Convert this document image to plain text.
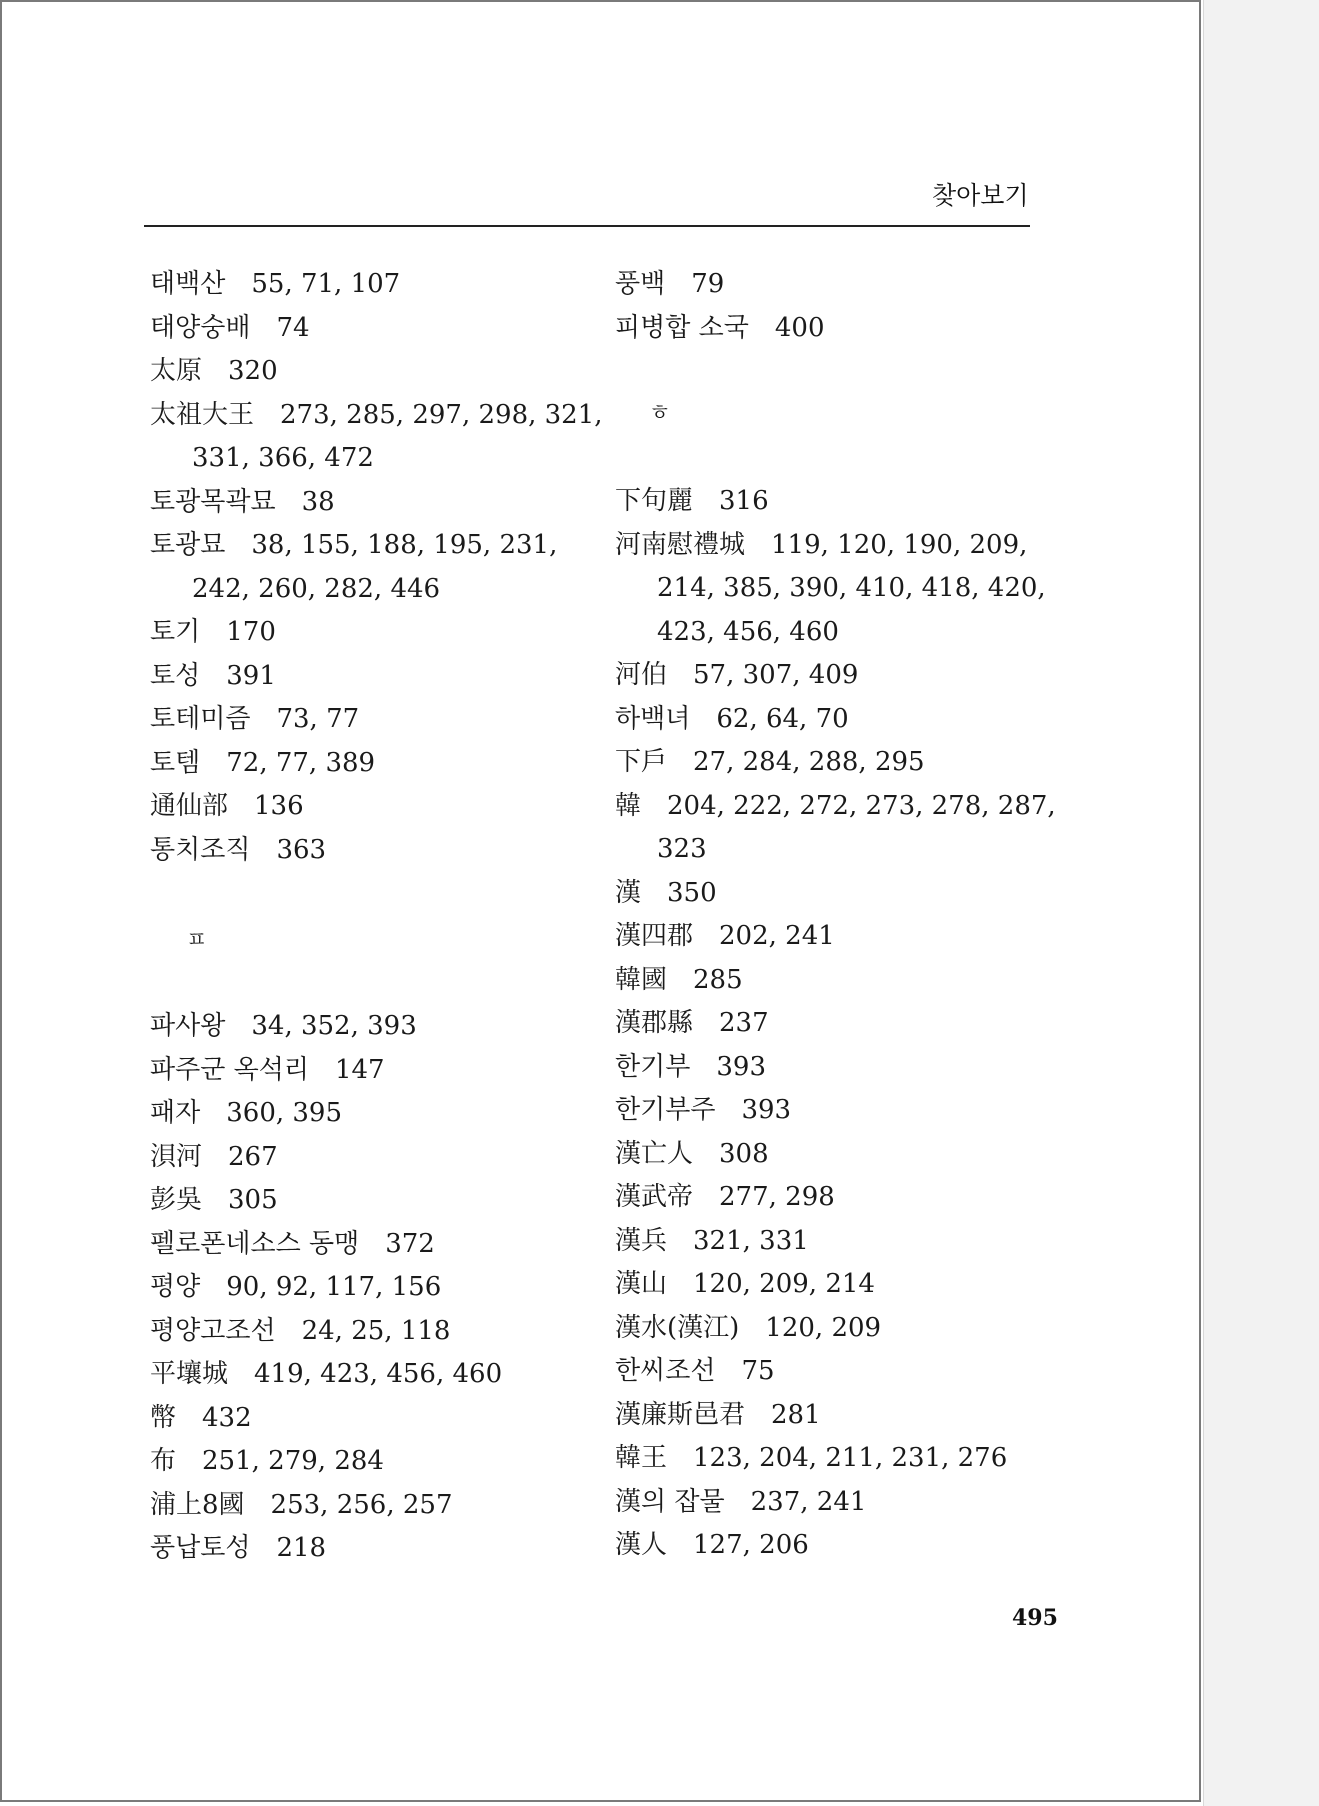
찾아보기
태백산 55, 71, 107
태양숭배 74
太原 320
太祖大王 273, 285, 297, 298, 321,
331, 366, 472
토광목곽묘 38
토광묘 38, 155, 188, 195, 231,
242, 260, 282, 446
토기 170
토성 391
토테미즘 73, 77
토템 72, 77, 389
通仙部 136
통치조직 363
ㅍ
파사왕 34, 352, 393
파주군 옥석리 147
패자 360, 395
浿河 267
彭吳 305
펠로폰네소스 동맹 372
평양 90, 92, 117, 156
평양고조선 24, 25, 118
平壤城 419, 423, 456, 460
幣 432
布 251, 279, 284
浦上8國 253, 256, 257
풍납토성 218
풍백 79
피병합 소국 400
ㅎ
下句麗 316
河南慰禮城 119, 120, 190, 209,
214, 385, 390, 410, 418, 420,
423, 456, 460
河伯 57, 307, 409
하백녀 62, 64, 70
下戶 27, 284, 288, 295
韓 204, 222, 272, 273, 278, 287,
323
漢 350
漢四郡 202, 241
韓國 285
漢郡縣 237
한기부 393
한기부주 393
漢亡人 308
漢武帝 277, 298
漢兵 321, 331
漢山 120, 209, 214
漢水(漢江) 120, 209
한씨조선 75
漢廉斯邑君 281
韓王 123, 204, 211, 231, 276
漢의 잡물 237, 241
漢人 127, 206
495
